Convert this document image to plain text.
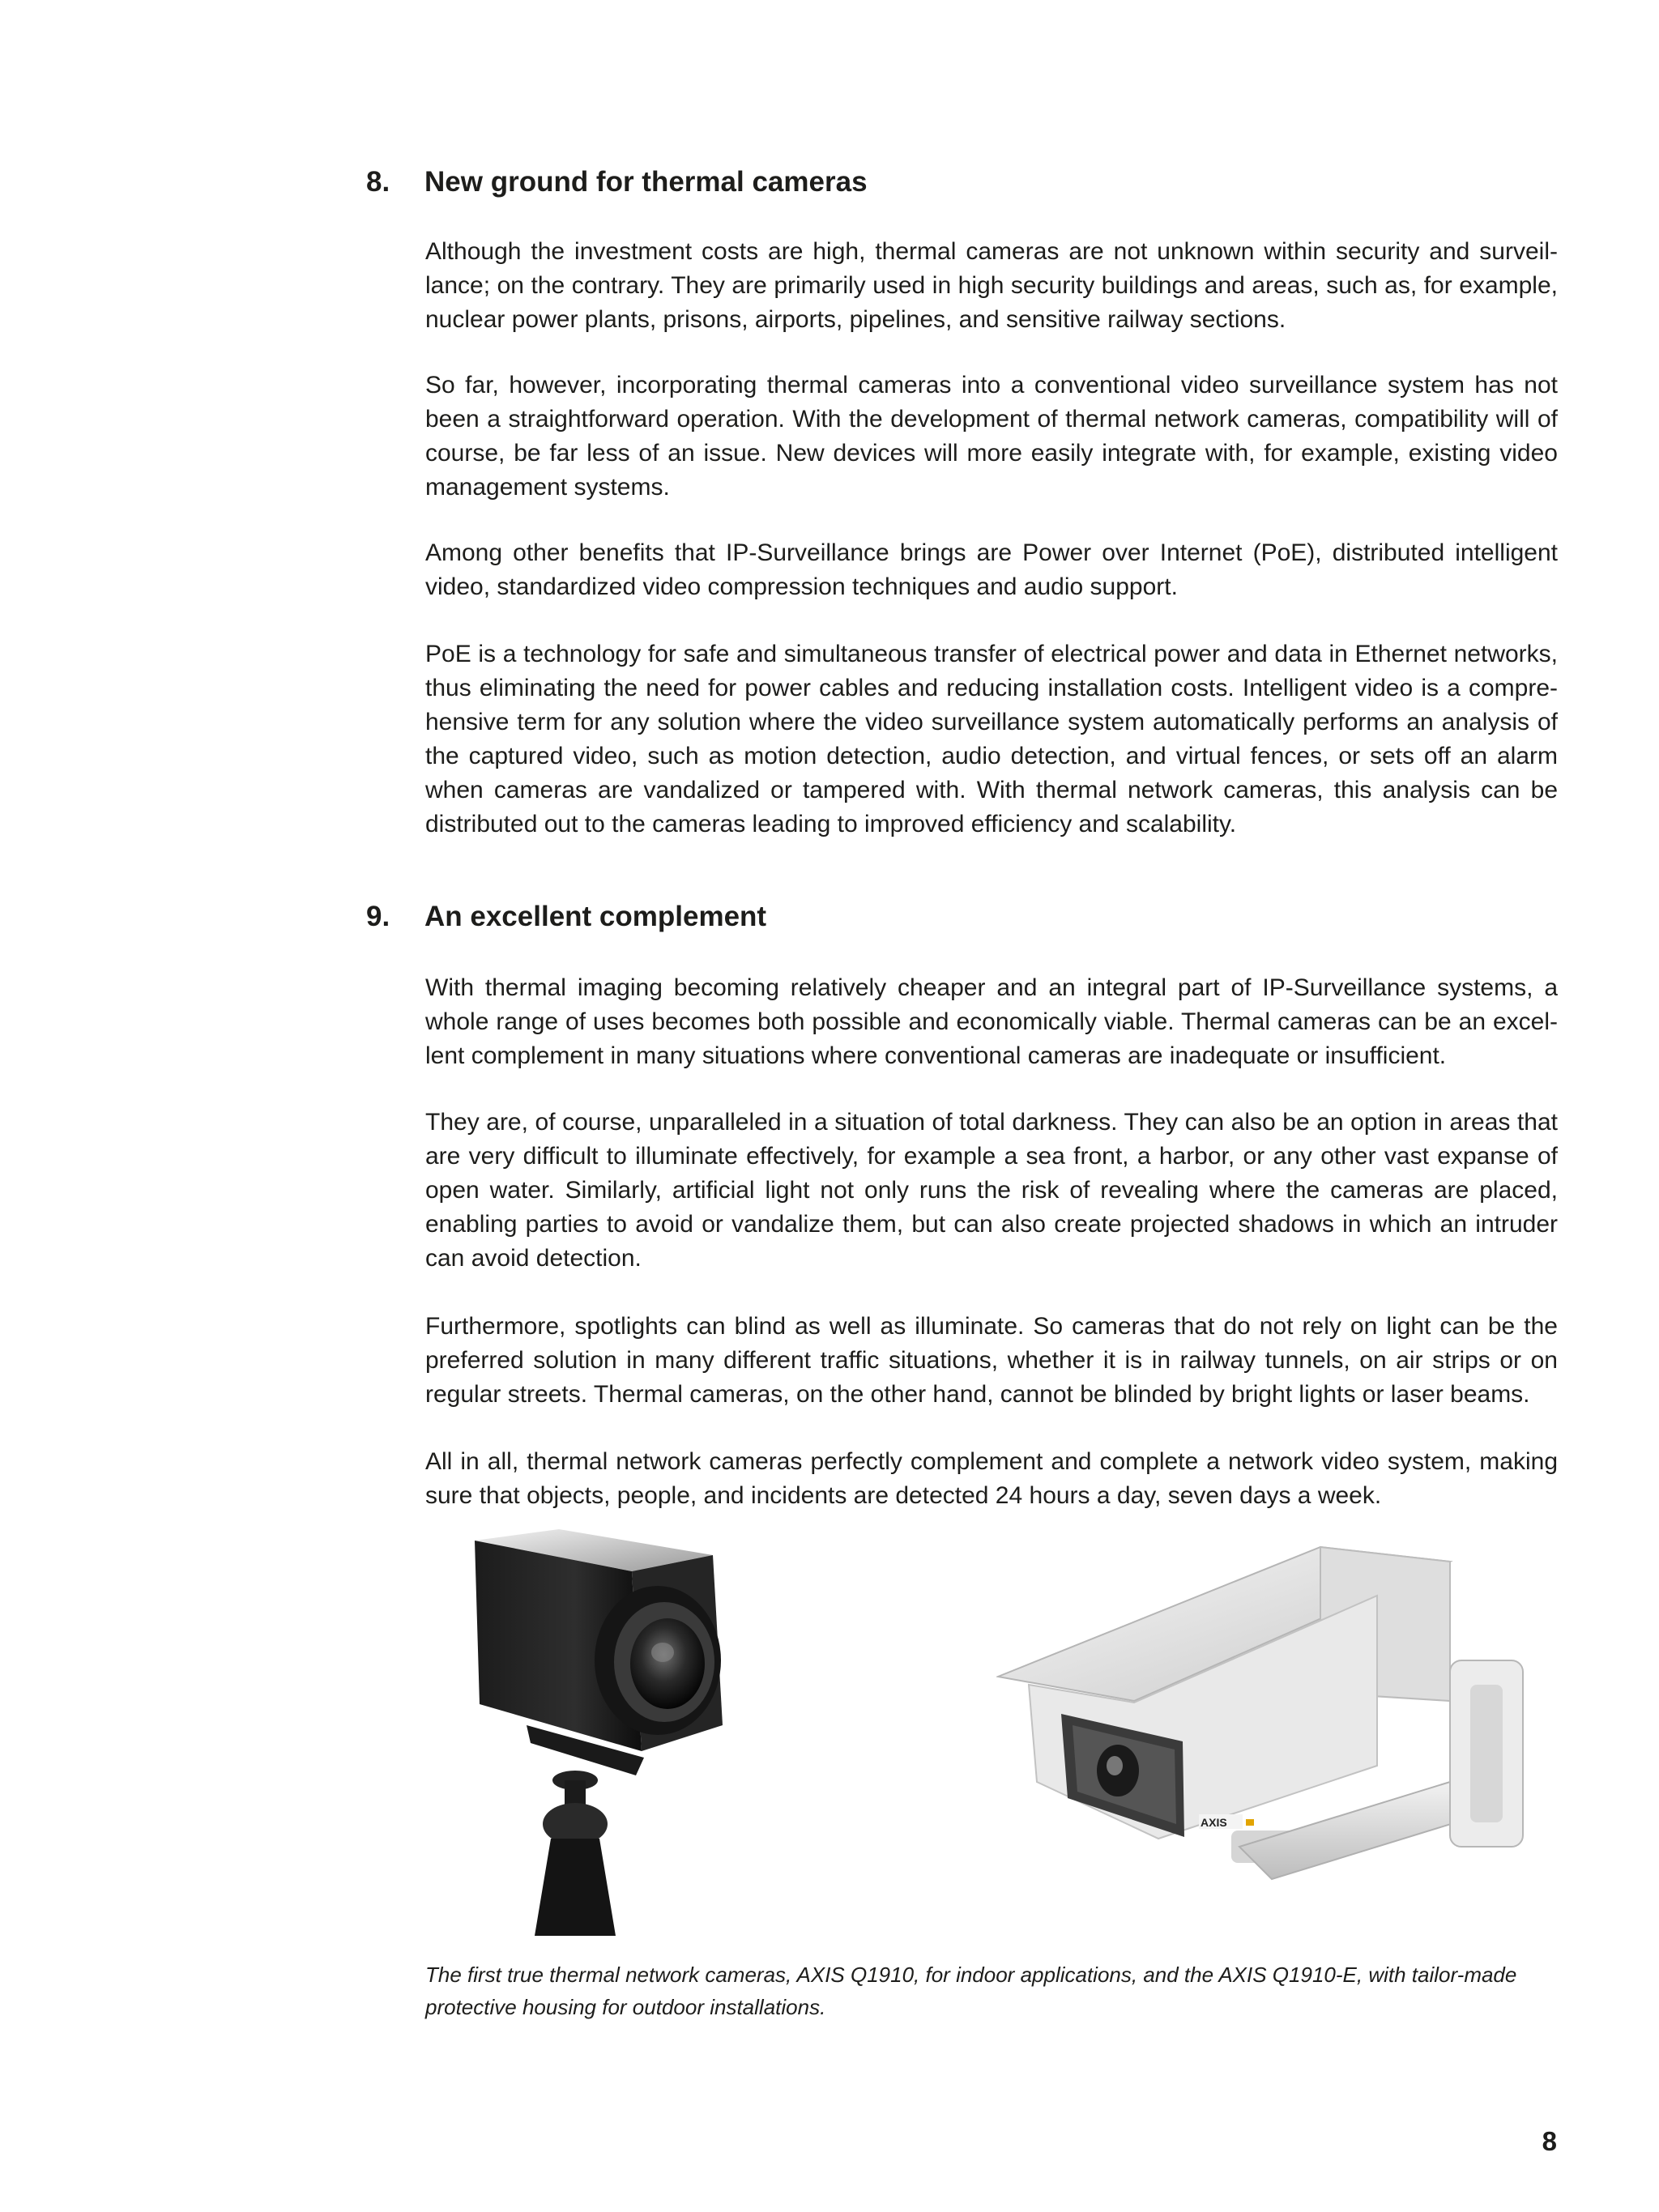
8. New ground for thermal cameras

Although the investment costs are high, thermal cameras are not unknown within security and surveil-lance; on the contrary. They are primarily used in high security buildings and areas, such as, for example, nuclear power plants, prisons, airports, pipelines, and sensitive railway sections.

So far, however, incorporating thermal cameras into a conventional video surveillance system has not been a straightforward operation. With the development of thermal network cameras, compatibility will of course, be far less of an issue. New devices will more easily integrate with, for example, existing video management systems.

Among other benefits that IP-Surveillance brings are Power over Internet (PoE), distributed intelligent video, standardized video compression techniques and audio support.

PoE is a technology for safe and simultaneous transfer of electrical power and data in Ethernet networks, thus eliminating the need for power cables and reducing installation costs. Intelligent video is a compre-hensive term for any solution where the video surveillance system automatically performs an analysis of the captured video, such as motion detection, audio detection, and virtual fences, or sets off an alarm when cameras are vandalized or tampered with. With thermal network cameras, this analysis can be distributed out to the cameras leading to improved efficiency and scalability.

9. An excellent complement

With thermal imaging becoming relatively cheaper and an integral part of IP-Surveillance systems, a whole range of uses becomes both possible and economically viable. Thermal cameras can be an excel-lent complement in many situations where conventional cameras are inadequate or insufficient.

They are, of course, unparalleled in a situation of total darkness. They can also be an option in areas that are very difficult to illuminate effectively, for example a sea front, a harbor, or any other vast expanse of open water. Similarly, artificial light not only runs the risk of revealing where the cameras are placed, enabling parties to avoid or vandalize them, but can also create projected shadows in which an intruder can avoid detection.

Furthermore, spotlights can blind as well as illuminate. So cameras that do not rely on light can be the preferred solution in many different traffic situations, whether it is in railway tunnels, on air strips or on regular streets. Thermal cameras, on the other hand, cannot be blinded by bright lights or laser beams.

All in all, thermal network cameras perfectly complement and complete a network video system, making sure that objects, people, and incidents are detected 24 hours a day, seven days a week.

AXIS

The first true thermal network cameras, AXIS Q1910, for indoor applications, and the AXIS Q1910-E, with tailor-made protective housing for outdoor installations.

8
